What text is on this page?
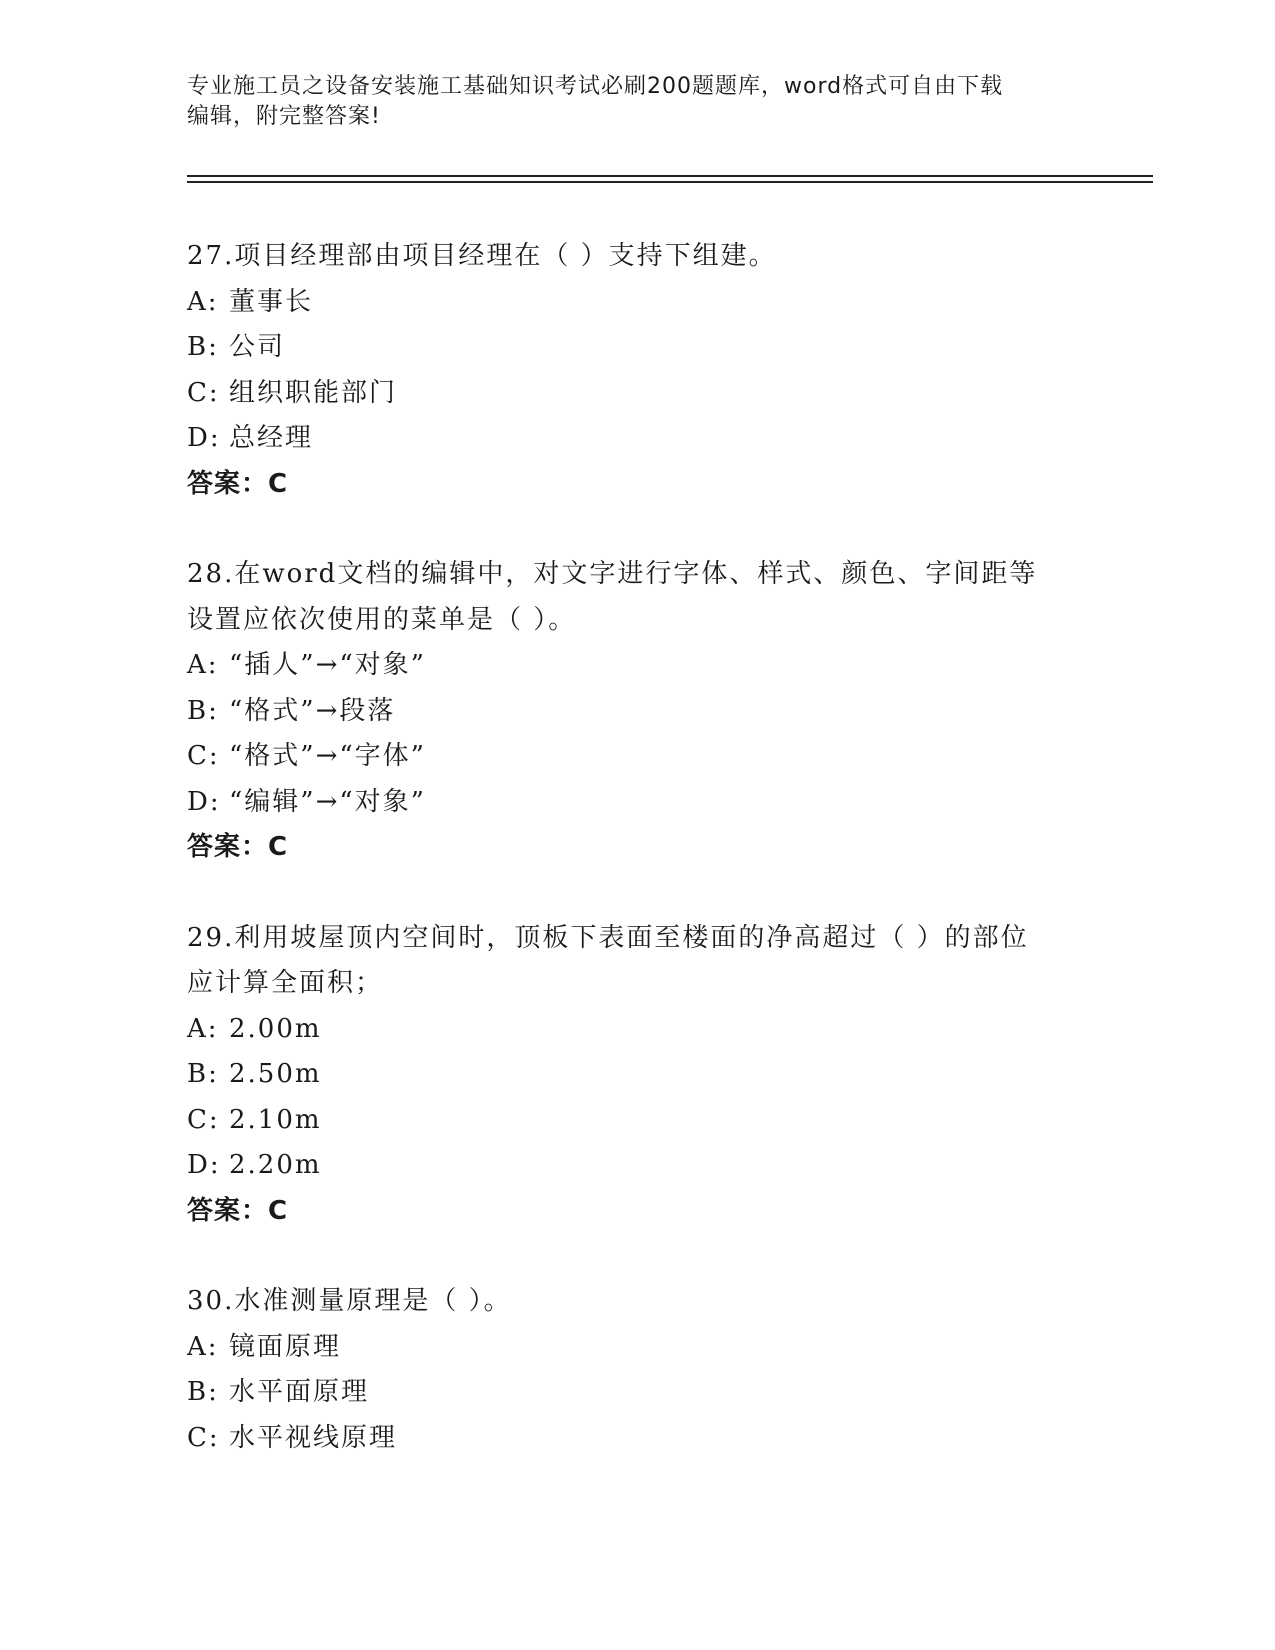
专业施工员之设备安装施工基础知识考试必刷200题题库，word格式可自由下载
编辑，附完整答案!
27.项目经理部由项目经理在（ ）支持下组建。
A: 董事长
B: 公司
C: 组织职能部门
D: 总经理
答案：C
28.在word文档的编辑中，对文字进行字体、样式、颜色、字间距等
设置应依次使用的菜单是（ ）。
A: “插人”→“对象”
B: “格式”→段落
C: “格式”→“字体”
D: “编辑”→“对象”
答案：C
29.利用坡屋顶内空间时，顶板下表面至楼面的净高超过（ ）的部位
应计算全面积；
A: 2.00m
B: 2.50m
C: 2.10m
D: 2.20m
答案：C
30.水准测量原理是（ ）。
A: 镜面原理
B: 水平面原理
C: 水平视线原理
